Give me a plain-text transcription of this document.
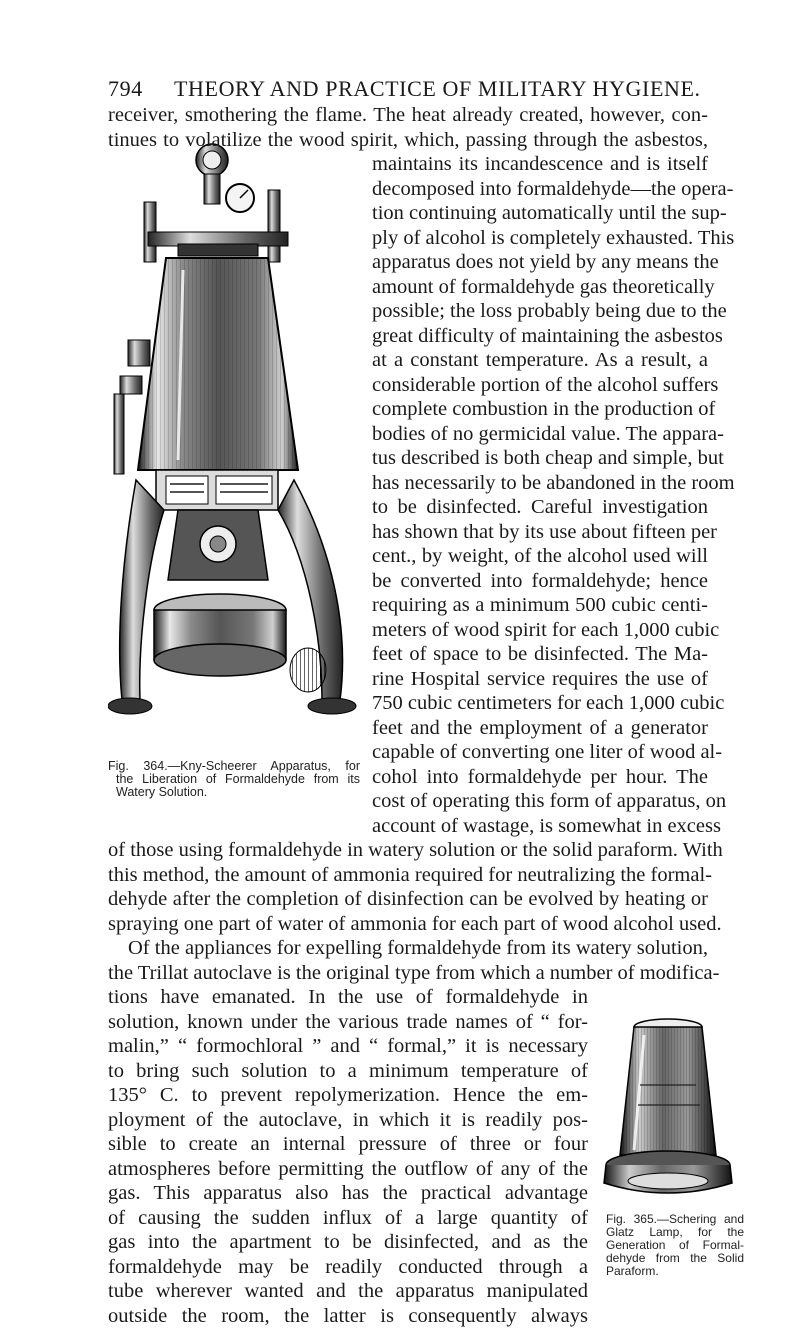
794 THEORY AND PRACTICE OF MILITARY HYGIENE.
Fig. 364.—Kny-Scheerer Apparatus, for
the Liberation of Formaldehyde from its
Watery Solution.
Fig. 365.—Schering and
Glatz Lamp, for the
Generation of Formal-
dehyde from the Solid
Paraform.
receiver, smothering the flame. The heat already created, however, con-
tinues to volatilize the wood spirit, which, passing through the asbestos,
maintains its incandescence and is itself
decomposed into formaldehyde—the opera-
tion continuing automatically until the sup-
ply of alcohol is completely exhausted. This
apparatus does not yield by any means the
amount of formaldehyde gas theoretically
possible; the loss probably being due to the
great difficulty of maintaining the asbestos
at a constant temperature. As a result, a
considerable portion of the alcohol suffers
complete combustion in the production of
bodies of no germicidal value. The appara-
tus described is both cheap and simple, but
has necessarily to be abandoned in the room
to be disinfected. Careful investigation
has shown that by its use about fifteen per
cent., by weight, of the alcohol used will
be converted into formaldehyde; hence
requiring as a minimum 500 cubic centi-
meters of wood spirit for each 1,000 cubic
feet of space to be disinfected. The Ma-
rine Hospital service requires the use of
750 cubic centimeters for each 1,000 cubic
feet and the employment of a generator
capable of converting one liter of wood al-
cohol into formaldehyde per hour. The
cost of operating this form of apparatus, on
account of wastage, is somewhat in excess
of those using formaldehyde in watery solution or the solid paraform. With
this method, the amount of ammonia required for neutralizing the formal-
dehyde after the completion of disinfection can be evolved by heating or
spraying one part of water of ammonia for each part of wood alcohol used.
Of the appliances for expelling formaldehyde from its watery solution,
the Trillat autoclave is the original type from which a number of modifica-
tions have emanated. In the use of formaldehyde in
solution, known under the various trade names of “ for-
malin,” “ formochloral ” and “ formal,” it is necessary
to bring such solution to a minimum temperature of
135° C. to prevent repolymerization. Hence the em-
ployment of the autoclave, in which it is readily pos-
sible to create an internal pressure of three or four
atmospheres before permitting the outflow of any of the
gas. This apparatus also has the practical advantage
of causing the sudden influx of a large quantity of
gas into the apartment to be disinfected, and as the
formaldehyde may be readily conducted through a
tube wherever wanted and the apparatus manipulated
outside the room, the latter is consequently always
